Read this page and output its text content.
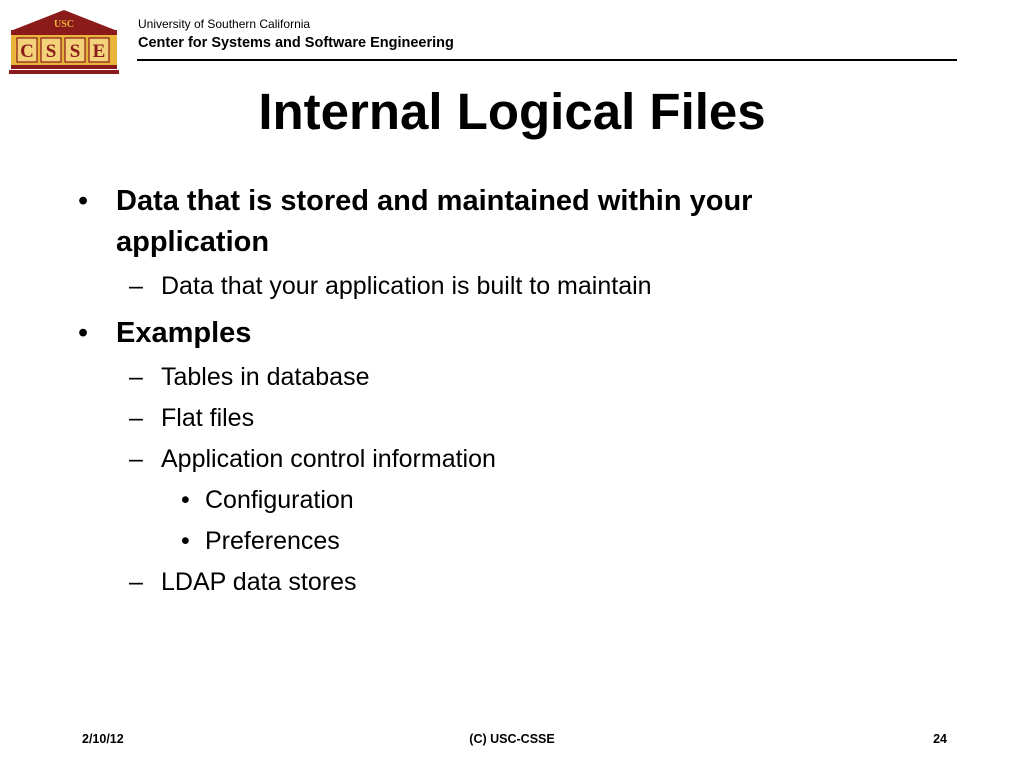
USC
C S S E
University of Southern California
Center for Systems and Software Engineering
Internal Logical Files
• Data that is stored and maintained within your
application
– Data that your application is built to maintain
• Examples
– Tables in database
– Flat files
– Application control information
• Configuration
• Preferences
– LDAP data stores
2/10/12	(C) USC-CSSE	24
